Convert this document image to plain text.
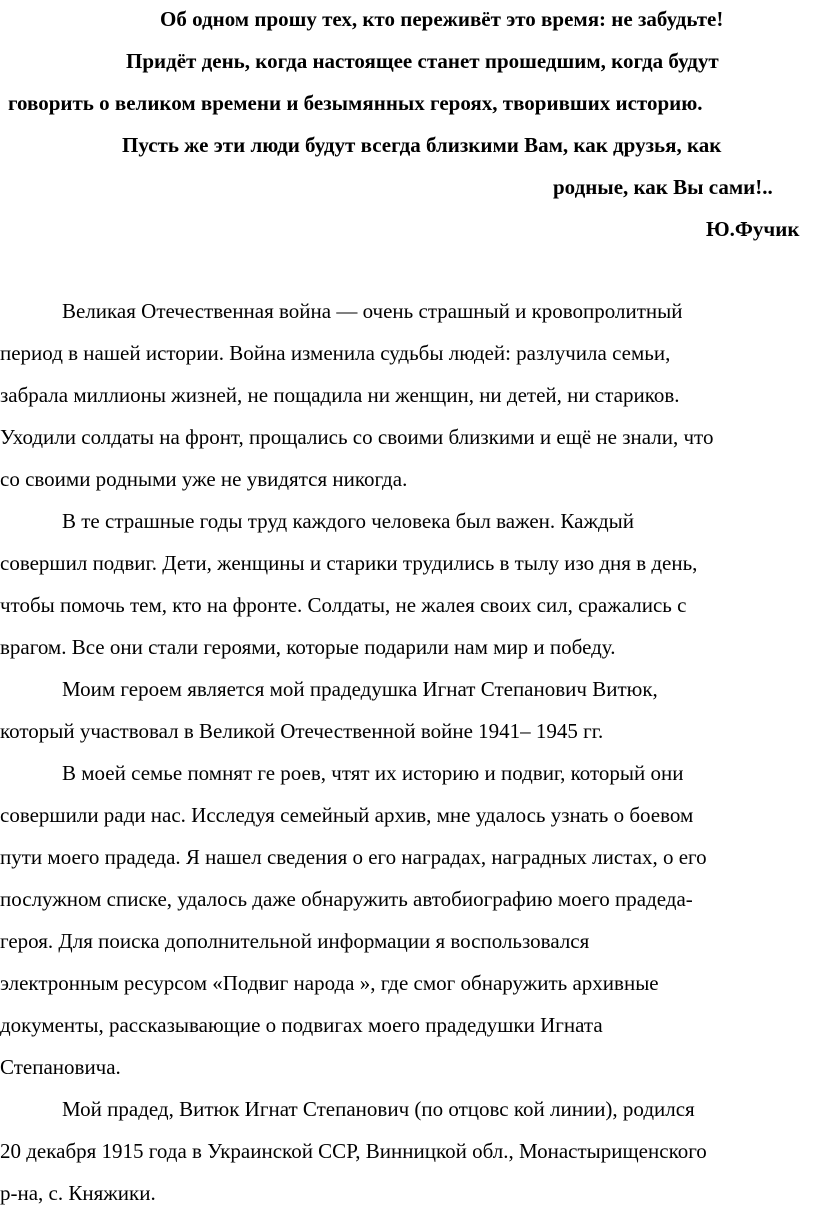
Об одном прошу тех, кто переживёт это время: не забудьте!
Придёт день, когда настоящее станет прошедшим, когда будут
говорить о великом времени и безымянных героях, творивших историю.
Пусть же эти люди будут всегда близкими Вам, как друзья, как
родные, как Вы сами!..
Ю.Фучик
Великая Отечественная война — очень страшный и кровопролитный
период в нашей истории. Война изменила судьбы людей: разлучила семьи,
забрала миллионы жизней, не пощадила ни женщин, ни детей, ни стариков.
Уходили солдаты на фронт, прощались со своими близкими и ещё не знали, что
со своими родными уже не увидятся никогда.
В те страшные годы труд каждого человека был важен. Каждый
совершил подвиг. Дети, женщины и старики трудились в тылу изо дня в день,
чтобы помочь тем, кто на фронте. Солдаты, не жалея своих сил, сражались с
врагом. Все они стали героями, которые подарили нам мир и победу.
Моим героем является мой прадедушка Игнат Степанович Витюк,
который участвовал в Великой Отечественной войне 1941– 1945 гг.
В моей семье помнят ге роев, чтят их историю и подвиг, который они
совершили ради нас. Исследуя семейный архив, мне удалось узнать о боевом
пути моего прадеда. Я нашел сведения о его наградах, наградных листах, о его
послужном списке, удалось даже обнаружить автобиографию моего прадеда-
героя. Для поиска дополнительной информации я воспользовался
электронным ресурсом «Подвиг народа », где смог обнаружить архивные
документы, рассказывающие о подвигах моего прадедушки Игната
Степановича.
Мой прадед, Витюк Игнат Степанович (по отцовс кой линии), родился
20 декабря 1915 года в Украинской ССР, Винницкой обл., Монастырищенского
р-на, с. Княжики.
